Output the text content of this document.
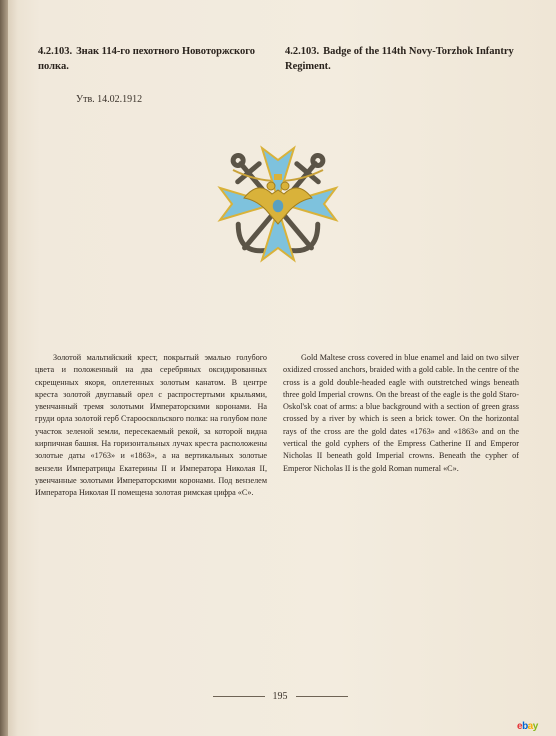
4.2.103. Знак 114-го пехотного Новоторжского полка.
4.2.103. Badge of the 114th Novy-Torzhok Infantry Regiment.
Утв. 14.02.1912

Золотой мальтийский крест, покрытый эмалью голубого цвета и положенный на два серебряных оксидированных скрещенных якоря, оплетенных золотым канатом. В центре креста золотой двуглавый орел с распростертыми крыльями, увенчанный тремя золотыми Императорскими коронами. На груди орла золотой герб Старооскольского полка: на голубом поле участок зеленой земли, пересекаемый рекой, за которой видна кирпичная башня. На горизонтальных лучах креста расположены золотые даты «1763» и «1863», а на вертикальных золотые вензели Императрицы Екатерины II и Императора Николая II, увенчанные золотыми Императорскими коронами. Под вензелем Императора Николая II помещена золотая римская цифра «С».

Gold Maltese cross covered in blue enamel and laid on two silver oxidized crossed anchors, braided with a gold cable. In the centre of the cross is a gold double-headed eagle with outstretched wings beneath three gold Imperial crowns. On the breast of the eagle is the gold Staro-Oskol'sk coat of arms: a blue background with a section of green grass crossed by a river by which is seen a brick tower. On the horizontal rays of the cross are the gold dates «1763» and «1863» and on the vertical the gold cyphers of the Empress Catherine II and Emperor Nicholas II beneath gold Imperial crowns. Beneath the cypher of Emperor Nicholas II is the gold Roman numeral «C».

195
ebay
